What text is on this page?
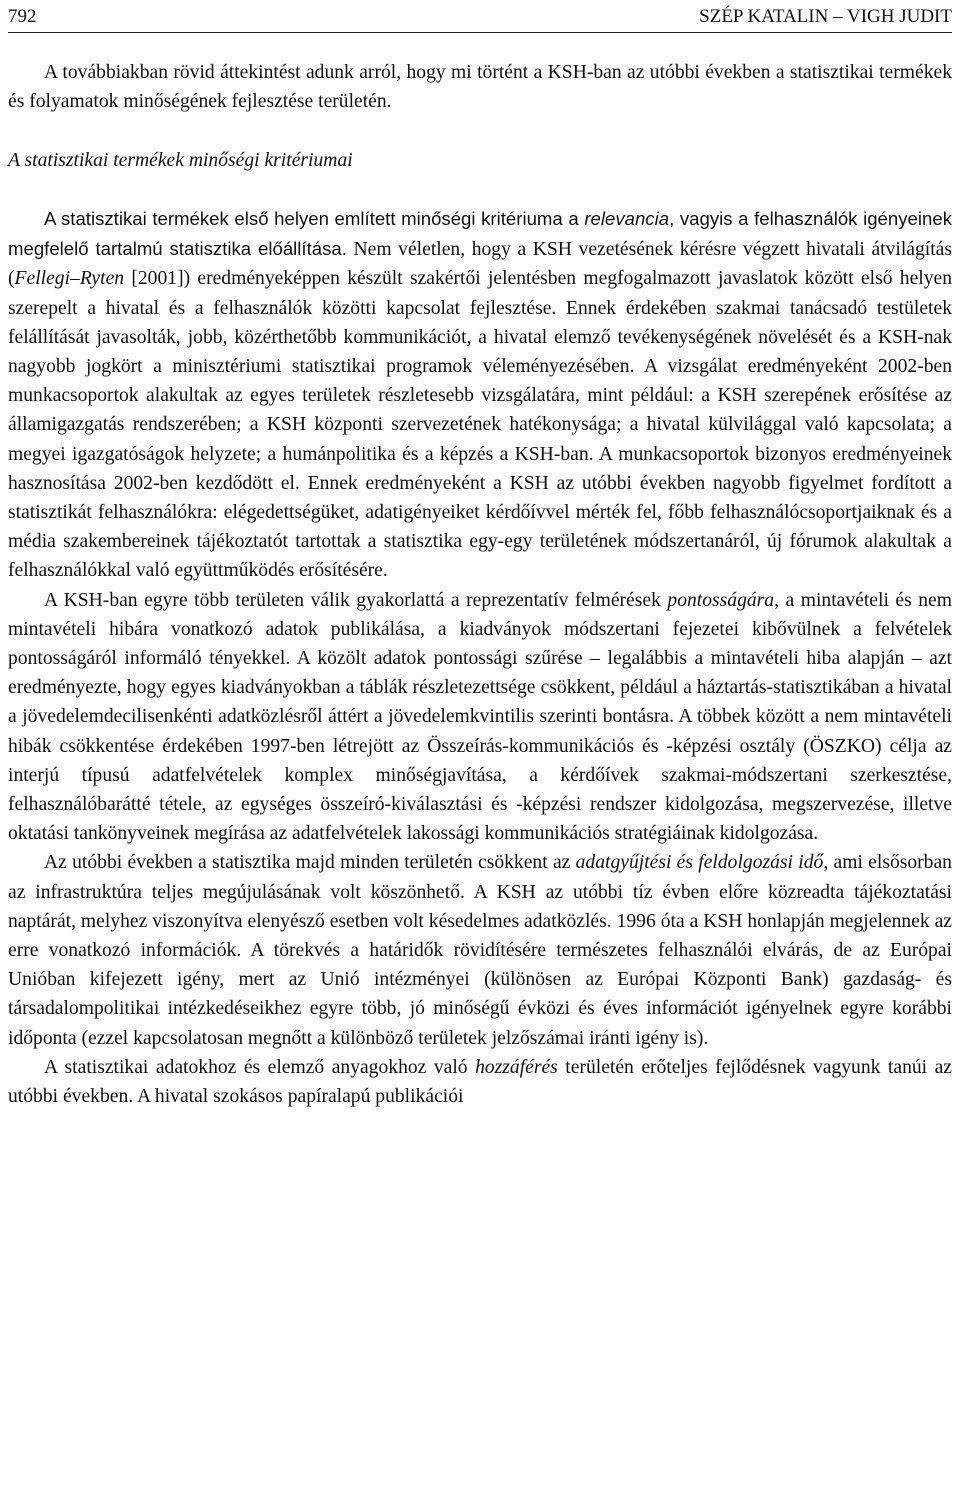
792	SZÉP KATALIN – VIGH JUDIT

A továbbiakban rövid áttekintést adunk arról, hogy mi történt a KSH-ban az utóbbi években a statisztikai termékek és folyamatok minőségének fejlesztése területén.

A statisztikai termékek minőségi kritériumai

A statisztikai termékek első helyen említett minőségi kritériuma a relevancia, vagyis a felhasználók igényeinek megfelelő tartalmú statisztika előállítása. Nem véletlen, hogy a KSH vezetésének kérésre végzett hivatali átvilágítás (Fellegi–Ryten [2001]) eredményeképpen készült szakértői jelentésben megfogalmazott javaslatok között első helyen szerepelt a hivatal és a felhasználók közötti kapcsolat fejlesztése. Ennek érdekében szakmai tanácsadó testületek felállítását javasolták, jobb, közérthetőbb kommunikációt, a hivatal elemző tevékenységének növelését és a KSH-nak nagyobb jogkört a minisztériumi statisztikai programok véleményezésében. A vizsgálat eredményeként 2002-ben munkacsoportok alakultak az egyes területek részletesebb vizsgálatára, mint például: a KSH szerepének erősítése az államigazgatás rendszerében; a KSH központi szervezetének hatékonysága; a hivatal külvilággal való kapcsolata; a megyei igazgatóságok helyzete; a humánpolitika és a képzés a KSH-ban. A munkacsoportok bizonyos eredményeinek hasznosítása 2002-ben kezdődött el. Ennek eredményeként a KSH az utóbbi években nagyobb figyelmet fordított a statisztikát felhasználókra: elégedettségüket, adatigényeiket kérdőívvel mérték fel, főbb felhasználócsoportjaiknak és a média szakembereinek tájékoztatót tartottak a statisztika egy-egy területének módszertanáról, új fórumok alakultak a felhasználókkal való együttműködés erősítésére.

A KSH-ban egyre több területen válik gyakorlattá a reprezentatív felmérések pontosságára, a mintavételi és nem mintavételi hibára vonatkozó adatok publikálása, a kiadványok módszertani fejezetei kibővülnek a felvételek pontosságáról informáló tényekkel. A közölt adatok pontossági szűrése – legalábbis a mintavételi hiba alapján – azt eredményezte, hogy egyes kiadványokban a táblák részletezettsége csökkent, például a háztartás-statisztikában a hivatal a jövedelemdecilisenkénti adatközlésről áttért a jövedelemkvintilis szerinti bontásra. A többek között a nem mintavételi hibák csökkentése érdekében 1997-ben létrejött az Összeírás-kommunikációs és -képzési osztály (ÖSZKO) célja az interjú típusú adatfelvételek komplex minőségjavítása, a kérdőívek szakmai-módszertani szerkesztése, felhasználóbarátté tétele, az egységes összeíró-kiválasztási és -képzési rendszer kidolgozása, megszervezése, illetve oktatási tankönyveinek megírása az adatfelvételek lakossági kommunikációs stratégiáinak kidolgozása.

Az utóbbi években a statisztika majd minden területén csökkent az adatgyűjtési és feldolgozási idő, ami elsősorban az infrastruktúra teljes megújulásának volt köszönhető. A KSH az utóbbi tíz évben előre közreadta tájékoztatási naptárát, melyhez viszonyítva elenyésző esetben volt késedelmes adatközlés. 1996 óta a KSH honlapján megjelennek az erre vonatkozó információk. A törekvés a határidők rövidítésére természetes felhasználói elvárás, de az Európai Unióban kifejezett igény, mert az Unió intézményei (különösen az Európai Központi Bank) gazdaság- és társadalompolitikai intézkedéseikhez egyre több, jó minőségű évközi és éves információt igényelnek egyre korábbi időponta (ezzel kapcsolatosan megnőtt a különböző területek jelzőszámai iránti igény is).

A statisztikai adatokhoz és elemző anyagokhoz való hozzáférés területén erőteljes fejlődésnek vagyunk tanúi az utóbbi években. A hivatal szokásos papíralapú publikációi
